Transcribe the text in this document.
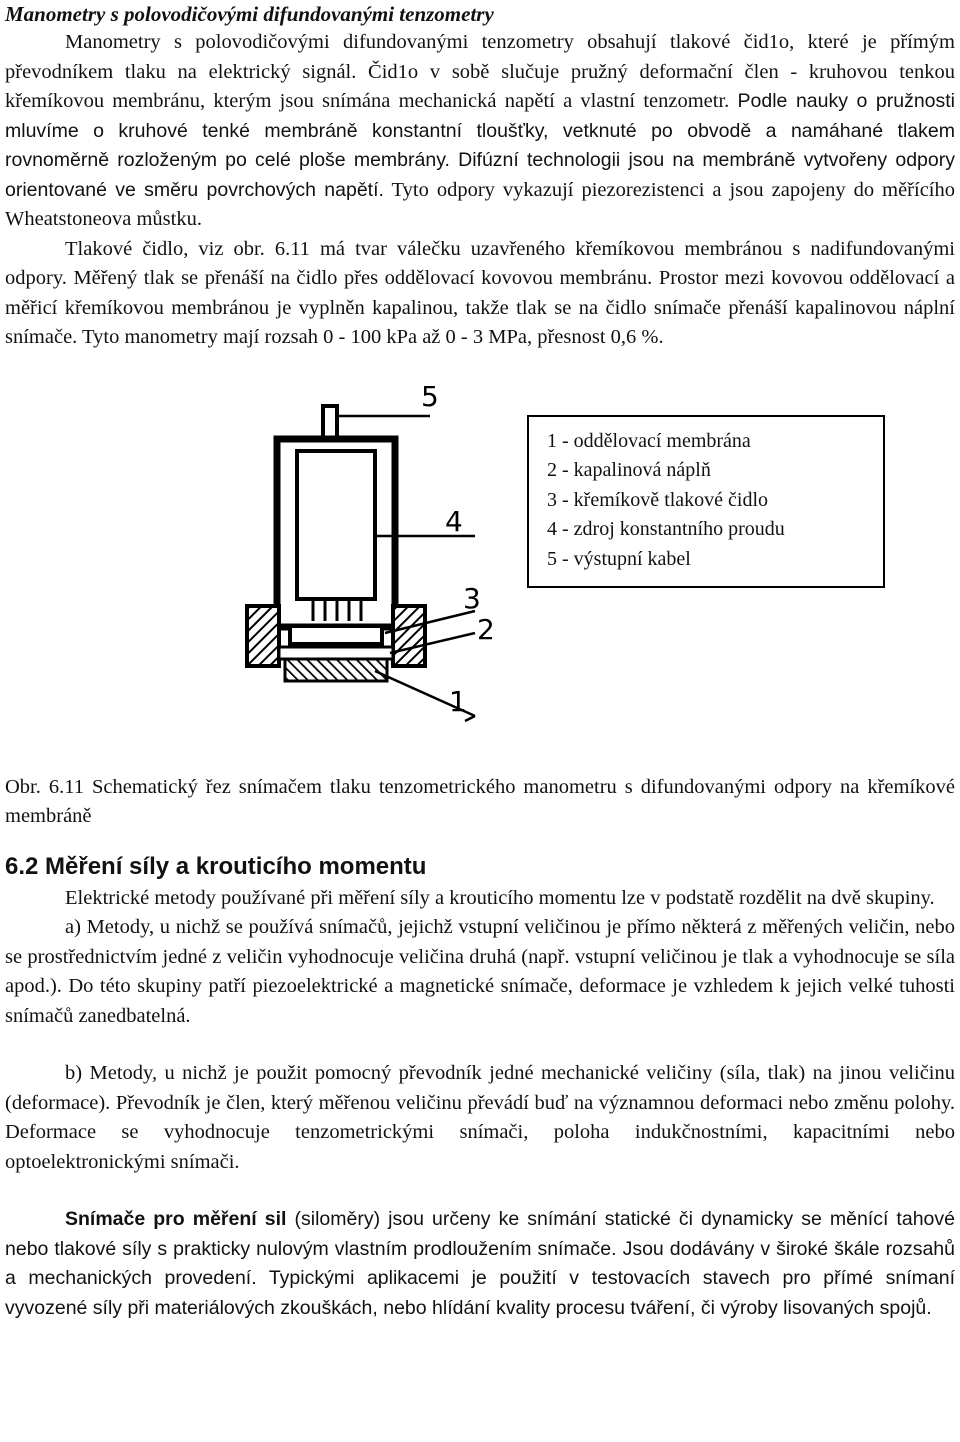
Manometry s polovodičovými difundovanými tenzometry

Manometry s polovodičovými difundovanými tenzometry obsahují tlakové čid1o, které je přímým převodníkem tlaku na elektrický signál. Čid1o v sobě slučuje pružný deformační člen - kruhovou tenkou křemíkovou membránu, kterým jsou snímána mechanická napětí a vlastní tenzometr. Podle nauky o pružnosti mluvíme o kruhové tenké membráně konstantní tloušťky, vetknuté po obvodě a namáhané tlakem rovnoměrně rozloženým po celé ploše membrány. Difúzní technologii jsou na membráně vytvořeny odpory orientované ve směru povrchových napětí. Tyto odpory vykazují piezorezistenci a jsou zapojeny do měřícího Wheatstoneova můstku.

Tlakové čidlo, viz obr. 6.11 má tvar válečku uzavřeného křemíkovou membránou s nadifundovanými odpory. Měřený tlak se přenáší na čidlo přes oddělovací kovovou membránu. Prostor mezi kovovou oddělovací a měřicí křemíkovou membránou je vyplněn kapalinou, takže tlak se na čidlo snímače přenáší kapalinovou náplní snímače. Tyto manometry mají rozsah 0 - 100 kPa až 0 - 3 MPa, přesnost 0,6 %.

5
4
3
2
1
1 - oddělovací membrána
2 - kapalinová náplň
3 - křemíkově tlakové čidlo
4 - zdroj konstantního proudu
5 - výstupní kabel

Obr. 6.11 Schematický řez snímačem tlaku tenzometrického manometru s difundovanými odpory na křemíkové membráně

6.2 Měření síly a krouticího momentu

Elektrické metody používané při měření síly a krouticího momentu lze v podstatě rozdělit na dvě skupiny.

a) Metody, u nichž se používá snímačů, jejichž vstupní veličinou je přímo některá z měřených veličin, nebo se prostřednictvím jedné z veličin vyhodnocuje veličina druhá (např. vstupní veličinou je tlak a vyhodnocuje se síla apod.). Do této skupiny patří piezoelektrické a magnetické snímače, deformace je vzhledem k jejich velké tuhosti snímačů zanedbatelná.

b) Metody, u nichž je použit pomocný převodník jedné mechanické veličiny (síla, tlak) na jinou veličinu (deformace). Převodník je člen, který měřenou veličinu převádí buď na významnou deformaci nebo změnu polohy. Deformace se vyhodnocuje tenzometrickými snímači, poloha indukčnostními, kapacitními nebo optoelektronickými snímači.

Snímače pro měření sil (siloměry) jsou určeny ke snímání statické či dynamicky se měnící tahové nebo tlakové síly s prakticky nulovým vlastním prodloužením snímače. Jsou dodávány v široké škále rozsahů a mechanických provedení. Typickými aplikacemi je použití v testovacích stavech pro přímé snímaní vyvozené síly při materiálových zkouškách, nebo hlídání kvality procesu tváření, či výroby lisovaných spojů.
